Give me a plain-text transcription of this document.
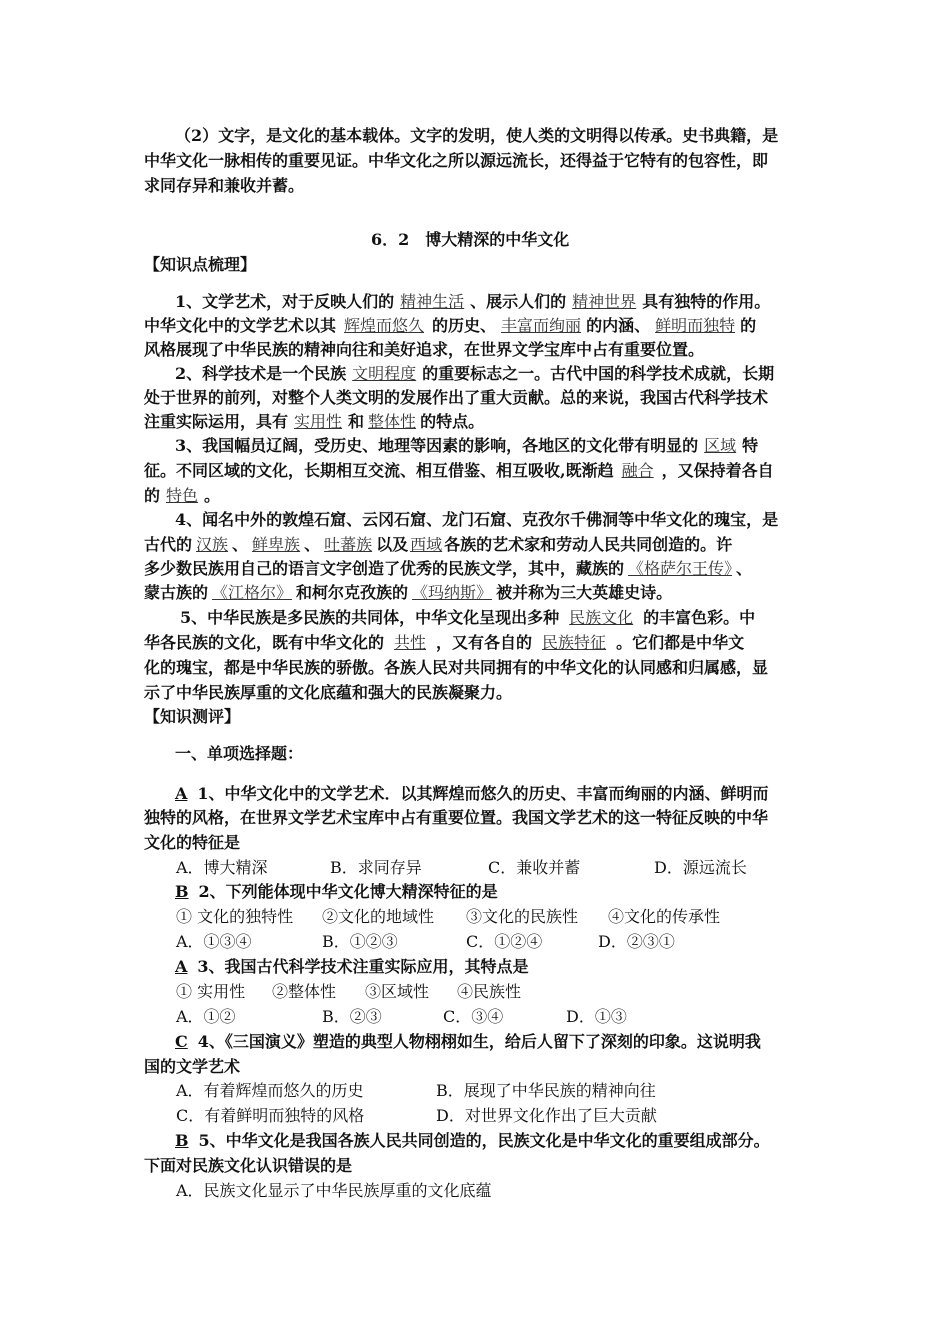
（2）文字，是文化的基本载体。文字的发明，使人类的文明得以传承。史书典籍，是
中华文化一脉相传的重要见证。中华文化之所以源远流长，还得益于它特有的包容性，即
求同存异和兼收并蓄。
6．2　博大精深的中华文化
【知识点梳理】
1、文学艺术，对于反映人们的 精神生活 、展示人们的 精神世界 具有独特的作用。
中华文化中的文学艺术以其 辉煌而悠久 的历史、 丰富而绚丽 的内涵、 鲜明而独特 的
风格展现了中华民族的精神向往和美好追求，在世界文学宝库中占有重要位置。
2、科学技术是一个民族 文明程度 的重要标志之一。古代中国的科学技术成就，长期
处于世界的前列，对整个人类文明的发展作出了重大贡献。总的来说，我国古代科学技术
注重实际运用，具有 实用性 和 整体性 的特点。
3、我国幅员辽阔，受历史、地理等因素的影响，各地区的文化带有明显的 区域 特
征。不同区域的文化，长期相互交流、相互借鉴、相互吸收,既渐趋 融合 ，又保持着各自
的 特色 。
4、闻名中外的敦煌石窟、云冈石窟、龙门石窟、克孜尔千佛洞等中华文化的瑰宝，是
古代的 汉族 、 鲜卑族 、 吐蕃族 以及 西域 各族的艺术家和劳动人民共同创造的。许
多少数民族用自己的语言文字创造了优秀的民族文学，其中，藏族的 《格萨尔王传》 、
蒙古族的 《江格尔》 和柯尔克孜族的 《玛纳斯》 被并称为三大英雄史诗。
5、中华民族是多民族的共同体，中华文化呈现出多种 民族文化 的丰富色彩。中
华各民族的文化，既有中华文化的 共性 ，又有各自的 民族特征 。它们都是中华文
化的瑰宝，都是中华民族的骄傲。各族人民对共同拥有的中华文化的认同感和归属感，显
示了中华民族厚重的文化底蕴和强大的民族凝聚力。
【知识测评】
一、单项选择题：
A 1、中华文化中的文学艺术．以其辉煌而悠久的历史、丰富而绚丽的内涵、鲜明而
独特的风格，在世界文学艺术宝库中占有重要位置。我国文学艺术的这一特征反映的中华
文化的特征是
A．博大精深	B．求同存异	C．兼收并蓄	D．源远流长
B 2、下列能体现中华文化博大精深特征的是
① 文化的独特性 ②文化的地域性 ③文化的民族性 ④文化的传承性
A．①③④	B．①②③	C．①②④	D．②③①
A 3、我国古代科学技术注重实际应用，其特点是
① 实用性 ②整体性 ③区域性 ④民族性
A．①②	B．②③	C．③④	D．①③
C 4、《三国演义》塑造的典型人物栩栩如生，给后人留下了深刻的印象。这说明我
国的文学艺术
A．有着辉煌而悠久的历史	B．展现了中华民族的精神向往
C．有着鲜明而独特的风格	D．对世界文化作出了巨大贡献
B 5、中华文化是我国各族人民共同创造的，民族文化是中华文化的重要组成部分。
下面对民族文化认识错误的是
A．民族文化显示了中华民族厚重的文化底蕴
